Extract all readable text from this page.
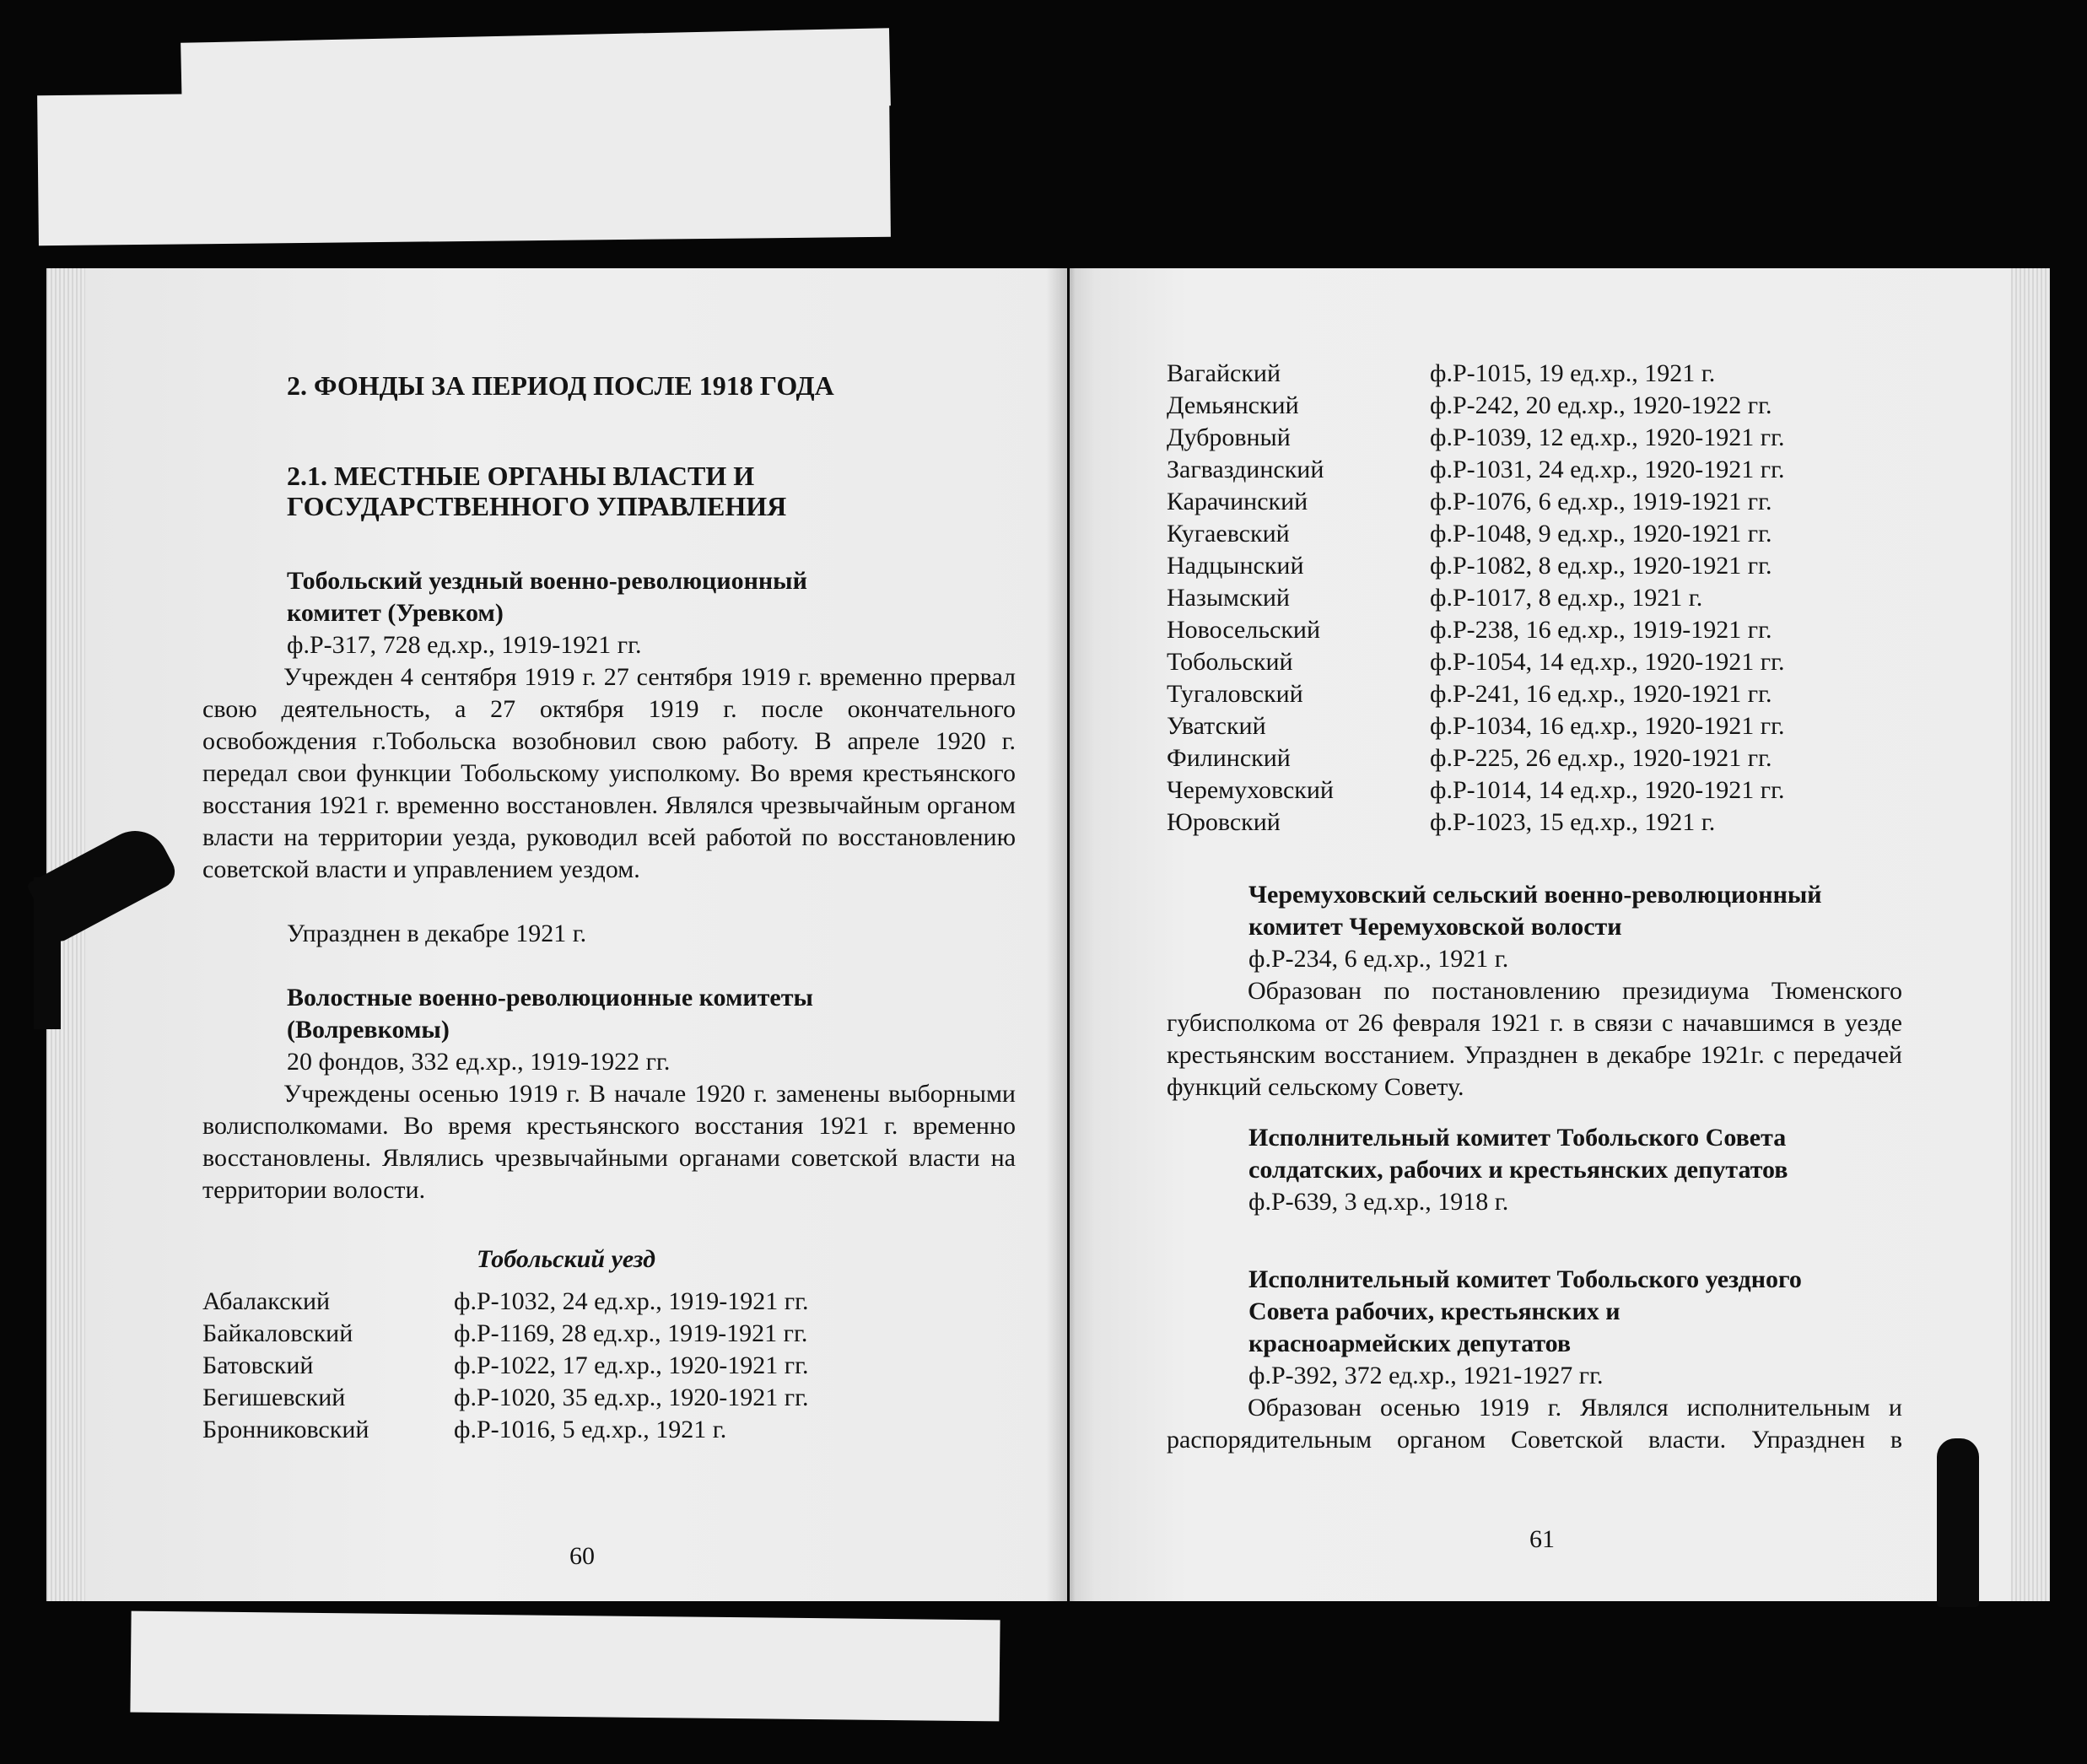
2. ФОНДЫ ЗА ПЕРИОД ПОСЛЕ 1918 ГОДА

2.1. МЕСТНЫЕ ОРГАНЫ ВЛАСТИ И

ГОСУДАРСТВЕННОГО УПРАВЛЕНИЯ

Тобольский уездный военно-революционный

комитет (Уревком)

ф.Р-317, 728 ед.хр., 1919-1921 гг.

Учрежден 4 сентября 1919 г. 27 сентября 1919 г. временно прервал свою деятельность, а 27 октября 1919 г. после окончательного освобождения г.Тобольска возобновил свою работу. В апреле 1920 г. передал свои функции Тобольскому уисполкому. Во время крестьянского восстания 1921 г. временно восстановлен. Являлся чрезвычайным органом власти на территории уезда, руководил всей работой по восстановлению советской власти и управлением уездом.

Упразднен в декабре 1921 г.

Волостные военно-революционные комитеты

(Волревкомы)

20 фондов, 332 ед.хр., 1919-1922 гг.

Учреждены осенью 1919 г. В начале 1920 г. заменены выборными волисполкомами. Во время крестьянского восстания 1921 г. временно восстановлены. Являлись чрезвычайными органами советской власти на территории волости.

Тобольский уезд

Абалакский	ф.Р-1032, 24 ед.хр., 1919-1921 гг.
Байкаловский	ф.Р-1169, 28 ед.хр., 1919-1921 гг.
Батовский	ф.Р-1022, 17 ед.хр., 1920-1921 гг.
Бегишевский	ф.Р-1020, 35 ед.хр., 1920-1921 гг.
Бронниковский	ф.Р-1016, 5 ед.хр., 1921 г.
60
Вагайский	ф.Р-1015, 19 ед.хр., 1921 г.
Демьянский	ф.Р-242, 20 ед.хр., 1920-1922 гг.
Дубровный	ф.Р-1039, 12 ед.хр., 1920-1921 гг.
Загваздинский	ф.Р-1031, 24 ед.хр., 1920-1921 гг.
Карачинский	ф.Р-1076, 6 ед.хр., 1919-1921 гг.
Кугаевский	ф.Р-1048, 9 ед.хр., 1920-1921 гг.
Надцынский	ф.Р-1082, 8 ед.хр., 1920-1921 гг.
Назымский	ф.Р-1017, 8 ед.хр., 1921 г.
Новосельский	ф.Р-238, 16 ед.хр., 1919-1921 гг.
Тобольский	ф.Р-1054, 14 ед.хр., 1920-1921 гг.
Тугаловский	ф.Р-241, 16 ед.хр., 1920-1921 гг.
Уватский	ф.Р-1034, 16 ед.хр., 1920-1921 гг.
Филинский	ф.Р-225, 26 ед.хр., 1920-1921 гг.
Черемуховский	ф.Р-1014, 14 ед.хр., 1920-1921 гг.
Юровский	ф.Р-1023, 15 ед.хр., 1921 г.

Черемуховский сельский военно-революционный

комитет Черемуховской волости

ф.Р-234, 6 ед.хр., 1921 г.

Образован по постановлению президиума Тюменского губисполкома от 26 февраля 1921 г. в связи с начавшимся в уезде крестьянским восстанием. Упразднен в декабре 1921г. с передачей функций сельскому Совету.

Исполнительный комитет Тобольского Совета

солдатских, рабочих и крестьянских депутатов

ф.Р-639, 3 ед.хр., 1918 г.

Исполнительный комитет Тобольского уездного

Совета рабочих, крестьянских и

красноармейских депутатов

ф.Р-392, 372 ед.хр., 1921-1927 гг.

Образован осенью 1919 г. Являлся исполнительным и распорядительным органом Советской власти. Упразднен в

61
